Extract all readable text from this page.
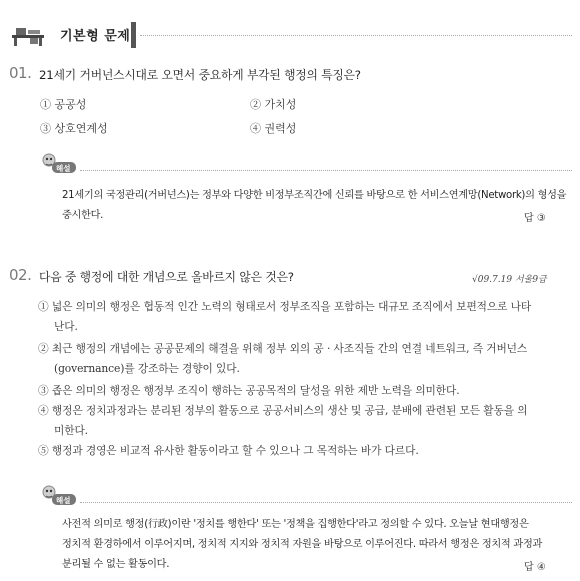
기본형 문제
01. 21세기 거버넌스시대로 오면서 중요하게 부각된 행정의 특징은?
① 공공성	② 가치성
③ 상호연계성	④ 권력성
해설
21세기의 국정관리(거버넌스)는 정부와 다양한 비정부조직간에 신뢰를 바탕으로 한 서비스연계망(Network)의 형성을
중시한다.	답 ③
02. 다음 중 행정에 대한 개념으로 올바르지 않은 것은?	√09.7.19 서울9급
① 넓은 의미의 행정은 협동적 인간 노력의 형태로서 정부조직을 포함하는 대규모 조직에서 보편적으로 나타
난다.
② 최근 행정의 개념에는 공공문제의 해결을 위해 정부 외의 공 · 사조직들 간의 연결 네트워크, 즉 거버넌스
(governance)를 강조하는 경향이 있다.
③ 좁은 의미의 행정은 행정부 조직이 행하는 공공목적의 달성을 위한 제반 노력을 의미한다.
④ 행정은 정치과정과는 분리된 정부의 활동으로 공공서비스의 생산 및 공급, 분배에 관련된 모든 활동을 의
미한다.
⑤ 행정과 경영은 비교적 유사한 활동이라고 할 수 있으나 그 목적하는 바가 다르다.
해설
사전적 의미로 행정(行政)이란 '정치를 행한다' 또는 '정책을 집행한다'라고 정의할 수 있다. 오늘날 현대행정은
정치적 환경하에서 이루어지며, 정치적 지지와 정치적 자원을 바탕으로 이루어진다. 따라서 행정은 정치적 과정과
분리될 수 없는 활동이다.	답 ④
